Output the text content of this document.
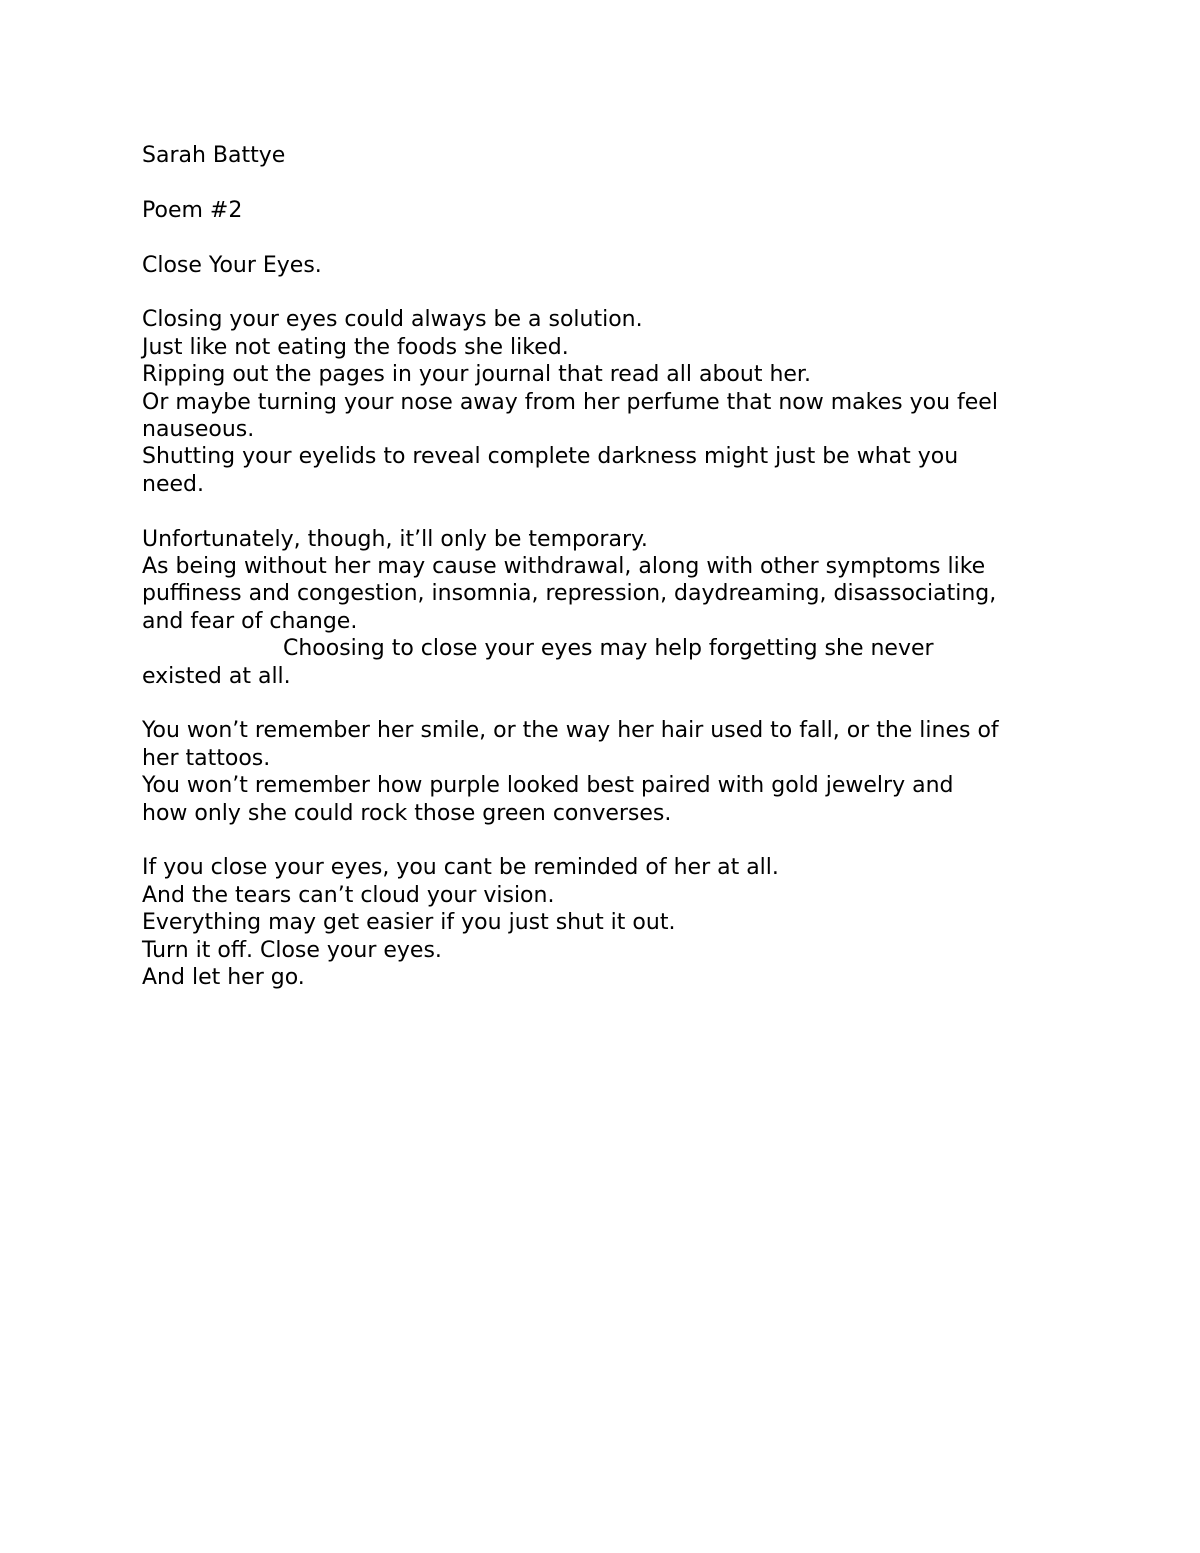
Sarah Battye
Poem #2
Close Your Eyes.
Closing your eyes could always be a solution.
Just like not eating the foods she liked.
Ripping out the pages in your journal that read all about her.
Or maybe turning your nose away from her perfume that now makes you feel
nauseous.
Shutting your eyelids to reveal complete darkness might just be what you
need.
Unfortunately, though, it’ll only be temporary.
As being without her may cause withdrawal, along with other symptoms like
puffiness and congestion, insomnia, repression, daydreaming, disassociating,
and fear of change.
Choosing to close your eyes may help forgetting she never
existed at all.
You won’t remember her smile, or the way her hair used to fall, or the lines of
her tattoos.
You won’t remember how purple looked best paired with gold jewelry and
how only she could rock those green converses.
If you close your eyes, you cant be reminded of her at all.
And the tears can’t cloud your vision.
Everything may get easier if you just shut it out.
Turn it off. Close your eyes.
And let her go.
